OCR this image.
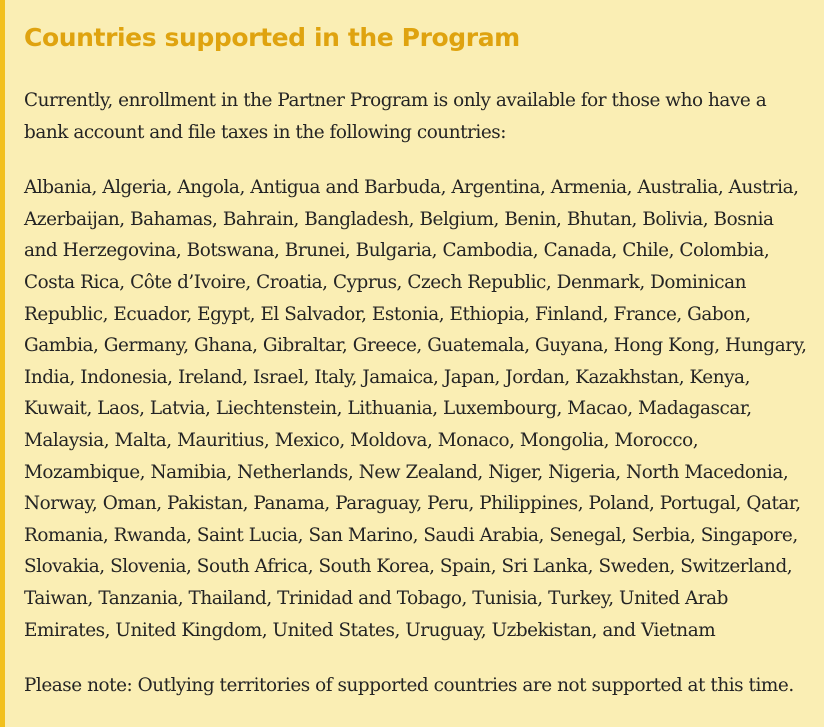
Countries supported in the Program

Currently, enrollment in the Partner Program is only available for those who have a bank account and file taxes in the following countries:

Albania, Algeria, Angola, Antigua and Barbuda, Argentina, Armenia, Australia, Austria, Azerbaijan, Bahamas, Bahrain, Bangladesh, Belgium, Benin, Bhutan, Bolivia, Bosnia and Herzegovina, Botswana, Brunei, Bulgaria, Cambodia, Canada, Chile, Colombia, Costa Rica, Côte d’Ivoire, Croatia, Cyprus, Czech Republic, Denmark, Dominican Republic, Ecuador, Egypt, El Salvador, Estonia, Ethiopia, Finland, France, Gabon, Gambia, Germany, Ghana, Gibraltar, Greece, Guatemala, Guyana, Hong Kong, Hungary, India, Indonesia, Ireland, Israel, Italy, Jamaica, Japan, Jordan, Kazakhstan, Kenya, Kuwait, Laos, Latvia, Liechtenstein, Lithuania, Luxembourg, Macao, Madagascar, Malaysia, Malta, Mauritius, Mexico, Moldova, Monaco, Mongolia, Morocco, Mozambique, Namibia, Netherlands, New Zealand, Niger, Nigeria, North Macedonia, Norway, Oman, Pakistan, Panama, Paraguay, Peru, Philippines, Poland, Portugal, Qatar, Romania, Rwanda, Saint Lucia, San Marino, Saudi Arabia, Senegal, Serbia, Singapore, Slovakia, Slovenia, South Africa, South Korea, Spain, Sri Lanka, Sweden, Switzerland, Taiwan, Tanzania, Thailand, Trinidad and Tobago, Tunisia, Turkey, United Arab Emirates, United Kingdom, United States, Uruguay, Uzbekistan, and Vietnam

Please note: Outlying territories of supported countries are not supported at this time.
